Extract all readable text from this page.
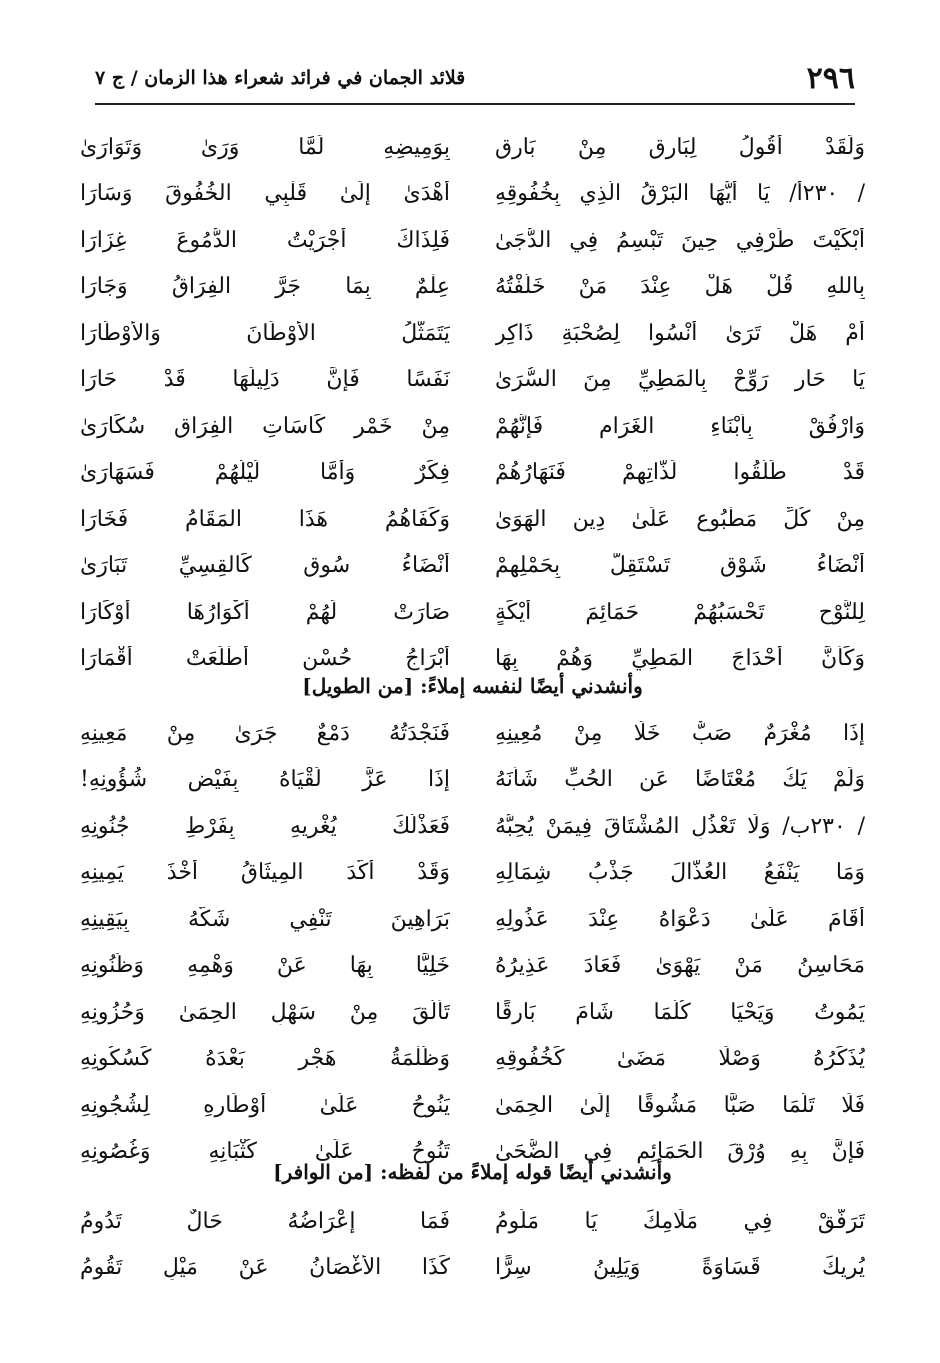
٢٩٦
قلائد الجمان في فرائد شعراء هذا الزمان / ج ٧
وَلَقَدْ أَقُولُ لِبَارِقٍ مِنْ بَارِقِ
بِوَمِيضِهِ لَمَّا وَرَىٰ وَتَوَارَىٰ
/ ٢٣٠أ/ يَا أَيُّهَا البَرْقُ الَّذِي بِخُفُوقِهِ
أَهْدَىٰ إِلَىٰ قَلْبِي الخُفُوقَ وَسَارَا
أَبْكَيْتَ طَرْفِي حِينَ تَبْسِمُ فِي الدُّجَىٰ
فَلِذَاكَ أَجْرَيْتُ الدُّمُوعَ غِزَارَا
بِاللهِ قُلْ هَلْ عِنْدَ مَنْ خَلَّفْتُهُ
عِلْمٌ بِمَا جَرَّ الفِرَاقُ وَجَارَا
أَمْ هَلْ تَرَىٰ أُنْسُوا لِصُحْبَةِ ذَاكِرٍ
يَتَمَثَّلُ الأَوْطَانَ وَالأَوْطَارَا
يَا حَارِ رَوِّحْ بِالمَطِيِّ مِنَ السُّرَىٰ
نَفَسًا فَإِنَّ دَلِيلَهَا قَدْ حَارَا
وَارْفُقْ بِأَبْنَاءِ الغَرَامِ فَإِنَّهُمْ
مِنْ خَمْرِ كَاسَاتِ الفِرَاقِ سُكَارَىٰ
قَدْ طَلَّقُوا لَذَّاتِهِمْ فَنَهَارُهُمْ
فِكَرٌ وَأَمَّا لَيْلُهُمْ فَسَهَارَىٰ
مِنْ كُلِّ مَطْبُوعٍ عَلَىٰ دِينِ الهَوَىٰ
وَكَفَاهُمُ هَذَا المَقَامُ فَخَارَا
أَنْضَاءُ شَوْقٍ تَسْتَقِلُّ بِحَمْلِهِمْ
أَنْضَاءُ سُوقٍ كَالقِسِيِّ تَبَارَىٰ
لِلنَّوْحِ تَحْسَبُهُمْ حَمَائِمَ أَيْكَةٍ
صَارَتْ لَهُمْ أَكْوَارُهَا أَوْكَارَا
وَكَأَنَّ أَحْدَاجَ المَطِيِّ وَهُمْ بِهَا
أَبْرَاجُ حُسْنٍ أَطْلَعَتْ أَقْمَارَا
وأنشدني أيضًا لنفسه إملاءً: [من الطويل]
إِذَا مُغْرَمٌ صَبٌّ خَلَا مِنْ مُعِينِهِ
فَنَجْدَتُهُ دَمْعٌ جَرَىٰ مِنْ مَعِينِهِ
وَلَمْ يَكُ مُعْتَاضًا عَنِ الحُبِّ شَأْنَهُ
إِذَا عَزَّ لُقْيَاهُ بِفَيْضِ شُؤُونِهِ!
/ ٢٣٠ب/ وَلَا تَعْذُلِ المُشْتَاقَ فِيمَنْ يُحِبُّهُ
فَعَذْلُكَ يُغْرِيهِ بِفَرْطِ جُنُونِهِ
وَمَا يَنْفَعُ العُذَّالَ جَذْبُ شِمَالِهِ
وَقَدْ أَكَّدَ المِيثَاقُ أَخْذَ يَمِينِهِ
أَقَامَ عَلَىٰ دَعْوَاهُ عِنْدَ عَذُولِهِ
بَرَاهِينَ تَنْفِي شَكَّهُ بِيَقِينِهِ
مَحَاسِنُ مَنْ يَهْوَىٰ فَعَادَ عَذِيرُهُ
خَلِيًّا بِهَا عَنْ وَهْمِهِ وَظُنُونِهِ
يَمُوتُ وَيَحْيَا كُلَّمَا شَامَ بَارِقًا
تَأَلَّقَ مِنْ سَهْلِ الحِمَىٰ وَحُزُونِهِ
يُذَكِّرُهُ وَصْلًا مَضَىٰ كَخُفُوقِهِ
وَظُلْمَةُ هَجْرٍ بَعْدَهُ كَسُكُونِهِ
فَلَا تَلُمَا صَبًّا مَشُوقًا إِلَىٰ الحِمَىٰ
يَنُوحُ عَلَىٰ أَوْطَارِهِ لِشُجُونِهِ
فَإِنَّ بِهِ وُرْقَ الحَمَائِمِ فِي الضُّحَىٰ
تَنُوحُ عَلَىٰ كُثْبَانِهِ وَغُصُونِهِ
وأنشدني أيضًا قوله إملاءً من لفظه: [من الوافر]
تَرَفَّقْ فِي مَلَامِكَ يَا مَلُومُ
فَمَا إِعْرَاضُهُ حَالٌ تَدُومُ
يُرِيكَ قَسَاوَةً وَيَلِينُ سِرًّا
كَذَا الأَغْصَانُ عَنْ مَيْلٍ تَقُومُ
